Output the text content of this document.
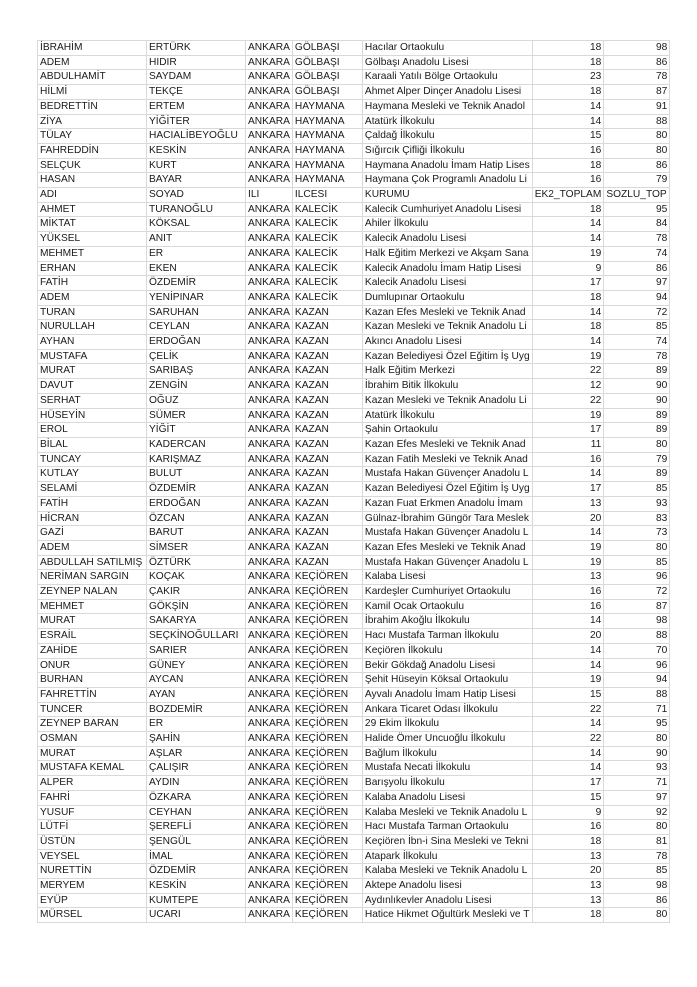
İBRAHİM	ERTÜRK	ANKARA	GÖLBAŞI	Hacılar Ortaokulu	18	98
ADEM	HIDIR	ANKARA	GÖLBAŞI	Gölbaşı Anadolu Lisesi	18	86
ABDULHAMİT	SAYDAM	ANKARA	GÖLBAŞI	Karaali Yatılı Bölge Ortaokulu	23	78
HİLMİ	TEKÇE	ANKARA	GÖLBAŞI	Ahmet Alper Dinçer Anadolu Lisesi	18	87
BEDRETTİN	ERTEM	ANKARA	HAYMANA	Haymana Mesleki ve Teknik Anadol	14	91
ZİYA	YİĞİTER	ANKARA	HAYMANA	Atatürk İlkokulu	14	88
TÜLAY	HACIALİBEYOĞLU	ANKARA	HAYMANA	Çaldağ İlkokulu	15	80
FAHREDDİN	KESKİN	ANKARA	HAYMANA	Sığırcık Çifliği İlkokulu	16	80
SELÇUK	KURT	ANKARA	HAYMANA	Haymana Anadolu İmam Hatip Lises	18	86
HASAN	BAYAR	ANKARA	HAYMANA	Haymana Çok Programlı Anadolu Li	16	79
ADI	SOYAD	ILI	ILCESI	KURUMU	EK2_TOPLAM	SOZLU_TOP
AHMET	TURANOĞLU	ANKARA	KALECİK	Kalecik Cumhuriyet Anadolu Lisesi	18	95
MİKTAT	KÖKSAL	ANKARA	KALECİK	Ahiler İlkokulu	14	84
YÜKSEL	ANIT	ANKARA	KALECİK	Kalecik Anadolu Lisesi	14	78
MEHMET	ER	ANKARA	KALECİK	Halk Eğitim Merkezi ve Akşam Sana	19	74
ERHAN	EKEN	ANKARA	KALECİK	Kalecik Anadolu İmam Hatip Lisesi	9	86
FATİH	ÖZDEMİR	ANKARA	KALECİK	Kalecik Anadolu Lisesi	17	97
ADEM	YENİPINAR	ANKARA	KALECİK	Dumlupınar Ortaokulu	18	94
TURAN	SARUHAN	ANKARA	KAZAN	Kazan Efes Mesleki ve Teknik Anad	14	72
NURULLAH	CEYLAN	ANKARA	KAZAN	Kazan Mesleki ve Teknik Anadolu Li	18	85
AYHAN	ERDOĞAN	ANKARA	KAZAN	Akıncı Anadolu Lisesi	14	74
MUSTAFA	ÇELİK	ANKARA	KAZAN	Kazan Belediyesi Özel Eğitim İş Uyg	19	78
MURAT	SARIBAŞ	ANKARA	KAZAN	Halk Eğitim Merkezi	22	89
DAVUT	ZENGİN	ANKARA	KAZAN	İbrahim Bitik İlkokulu	12	90
SERHAT	OĞUZ	ANKARA	KAZAN	Kazan Mesleki ve Teknik Anadolu Li	22	90
HÜSEYİN	SÜMER	ANKARA	KAZAN	Atatürk İlkokulu	19	89
EROL	YİĞİT	ANKARA	KAZAN	Şahin Ortaokulu	17	89
BİLAL	KADERCAN	ANKARA	KAZAN	Kazan Efes Mesleki ve Teknik Anad	11	80
TUNCAY	KARIŞMAZ	ANKARA	KAZAN	Kazan Fatih Mesleki ve Teknik Anad	16	79
KUTLAY	BULUT	ANKARA	KAZAN	Mustafa Hakan Güvençer Anadolu L	14	89
SELAMİ	ÖZDEMİR	ANKARA	KAZAN	Kazan Belediyesi Özel Eğitim İş Uyg	17	85
FATİH	ERDOĞAN	ANKARA	KAZAN	Kazan Fuat Erkmen Anadolu İmam	13	93
HİCRAN	ÖZCAN	ANKARA	KAZAN	Gülnaz-İbrahim Güngör Tara Meslek	20	83
GAZİ	BARUT	ANKARA	KAZAN	Mustafa Hakan Güvençer Anadolu L	14	73
ADEM	SİMSER	ANKARA	KAZAN	Kazan Efes Mesleki ve Teknik Anad	19	80
ABDULLAH SATILMIŞ	ÖZTÜRK	ANKARA	KAZAN	Mustafa Hakan Güvençer Anadolu L	19	85
NERİMAN SARGIN	KOÇAK	ANKARA	KEÇİÖREN	Kalaba Lisesi	13	96
ZEYNEP NALAN	ÇAKIR	ANKARA	KEÇİÖREN	Kardeşler Cumhuriyet Ortaokulu	16	72
MEHMET	GÖKŞİN	ANKARA	KEÇİÖREN	Kamil Ocak Ortaokulu	16	87
MURAT	SAKARYA	ANKARA	KEÇİÖREN	İbrahim Akoğlu İlkokulu	14	98
ESRAİL	SEÇKİNOĞULLARI	ANKARA	KEÇİÖREN	Hacı Mustafa Tarman İlkokulu	20	88
ZAHİDE	SARIER	ANKARA	KEÇİÖREN	Keçiören İlkokulu	14	70
ONUR	GÜNEY	ANKARA	KEÇİÖREN	Bekir Gökdağ Anadolu Lisesi	14	96
BURHAN	AYCAN	ANKARA	KEÇİÖREN	Şehit Hüseyin Köksal Ortaokulu	19	94
FAHRETTİN	AYAN	ANKARA	KEÇİÖREN	Ayvalı Anadolu İmam Hatip Lisesi	15	88
TUNCER	BOZDEMİR	ANKARA	KEÇİÖREN	Ankara Ticaret Odası İlkokulu	22	71
ZEYNEP BARAN	ER	ANKARA	KEÇİÖREN	29 Ekim İlkokulu	14	95
OSMAN	ŞAHİN	ANKARA	KEÇİÖREN	Halide Ömer Uncuoğlu İlkokulu	22	80
MURAT	AŞLAR	ANKARA	KEÇİÖREN	Bağlum İlkokulu	14	90
MUSTAFA KEMAL	ÇALIŞIR	ANKARA	KEÇİÖREN	Mustafa Necati İlkokulu	14	93
ALPER	AYDIN	ANKARA	KEÇİÖREN	Barışyolu İlkokulu	17	71
FAHRİ	ÖZKARA	ANKARA	KEÇİÖREN	Kalaba Anadolu Lisesi	15	97
YUSUF	CEYHAN	ANKARA	KEÇİÖREN	Kalaba Mesleki ve Teknik Anadolu L	9	92
LÜTFİ	ŞEREFLİ	ANKARA	KEÇİÖREN	Hacı Mustafa Tarman Ortaokulu	16	80
ÜSTÜN	ŞENGÜL	ANKARA	KEÇİÖREN	Keçiören İbn-i Sina Mesleki ve Tekni	18	81
VEYSEL	İMAL	ANKARA	KEÇİÖREN	Atapark İlkokulu	13	78
NURETTİN	ÖZDEMİR	ANKARA	KEÇİÖREN	Kalaba Mesleki ve Teknik Anadolu L	20	85
MERYEM	KESKİN	ANKARA	KEÇİÖREN	Aktepe Anadolu lisesi	13	98
EYÜP	KUMTEPE	ANKARA	KEÇİÖREN	Aydınlıkevler Anadolu Lisesi	13	86
MÜRSEL	UCARI	ANKARA	KEÇİÖREN	Hatice Hikmet Oğultürk Mesleki ve T	18	80
